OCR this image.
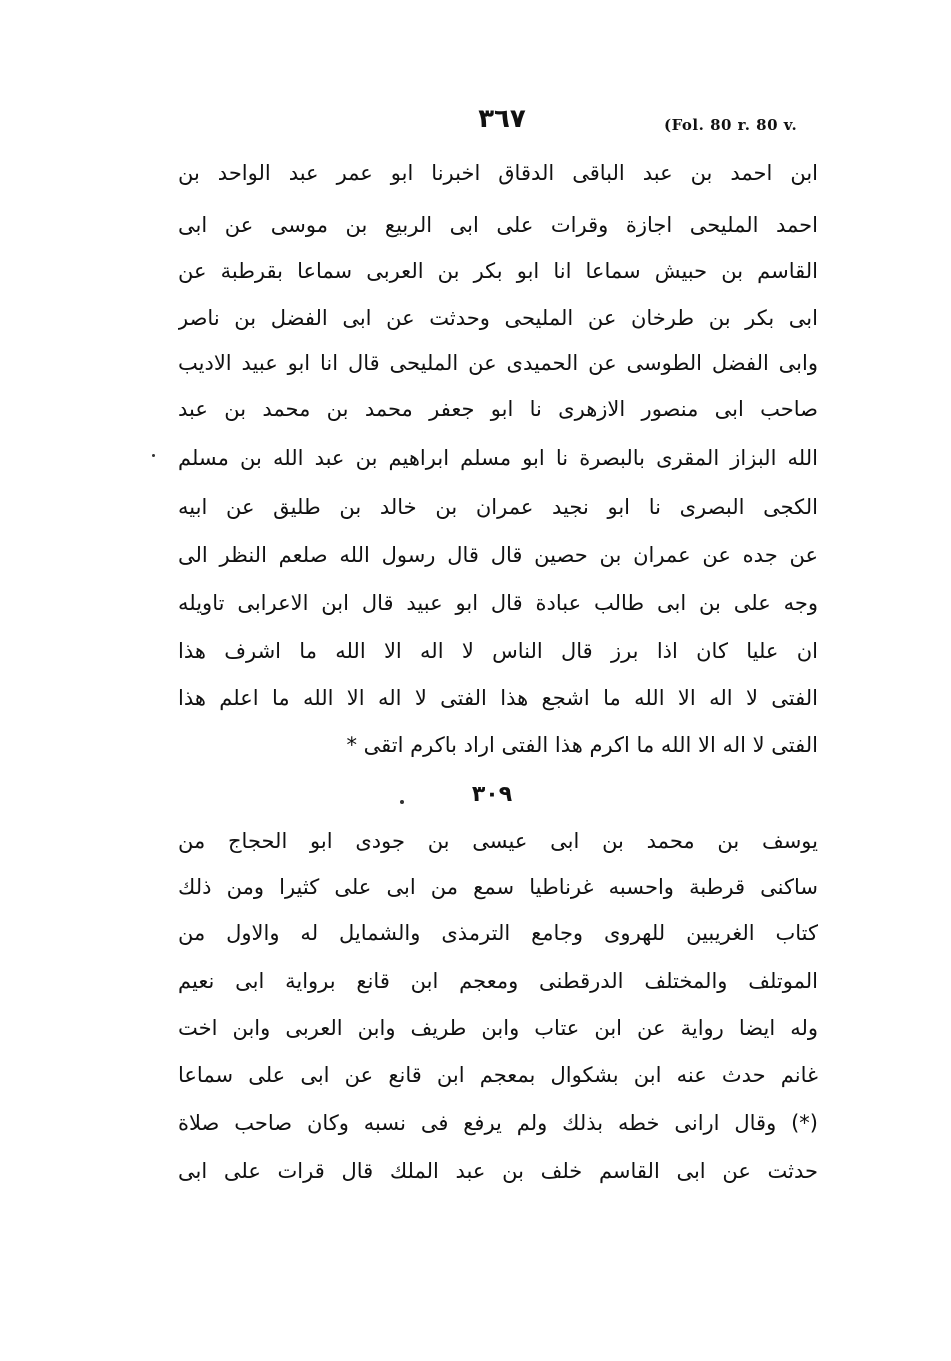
٣٦٧	(Fol. 80 r. 80 v.
ابن احمد بن عبد الباقى الدقاق اخبرنا ابو عمر عبد الواحد بن
احمد المليحى اجازة وقرات على ابى الربيع بن موسى عن ابى
القاسم بن حبيش سماعا انا ابو بكر بن العربى سماعا بقرطبة عن
ابى بكر بن طرخان عن المليحى وحدثت عن ابى الفضل بن ناصر
وابى الفضل الطوسى عن الحميدى عن المليحى قال انا ابو عبيد الاديب
صاحب ابى منصور الازهرى نا ابو جعفر محمد بن محمد بن عبد
الله البزاز المقرى بالبصرة نا ابو مسلم ابراهيم بن عبد الله بن مسلم
الكجى البصرى نا ابو نجيد عمران بن خالد بن طليق عن ابيه
عن جده عن عمران بن حصين قال قال رسول الله صلعم النظر الى
وجه على بن ابى طالب عبادة قال ابو عبيد قال ابن الاعرابى تاويله
ان عليا كان اذا برز قال الناس لا اله الا الله ما اشرف هذا
الفتى لا اله الا الله ما اشجع هذا الفتى لا اله الا الله ما اعلم هذا
الفتى لا اله الا الله ما اكرم هذا الفتى اراد باكرم اتقى *
٣٠٩
يوسف بن محمد بن ابى عيسى بن جودى ابو الحجاج من
ساكنى قرطبة واحسبه غرناطيا سمع من ابى على كثيرا ومن ذلك
كتاب الغريبين للهروى وجامع الترمذى والشمايل له والاول من
الموتلف والمختلف الدرقطنى ومعجم ابن قانع برواية ابى نعيم
وله ايضا رواية عن ابن عتاب وابن طريف وابن العربى وابن اخت
غانم حدث عنه ابن بشكوال بمعجم ابن قانع عن ابى على سماعا
(*) وقال ارانى خطه بذلك ولم يرفع فى نسبه وكان صاحب صلاة
حدثت عن ابى القاسم خلف بن عبد الملك قال قرات على ابى
